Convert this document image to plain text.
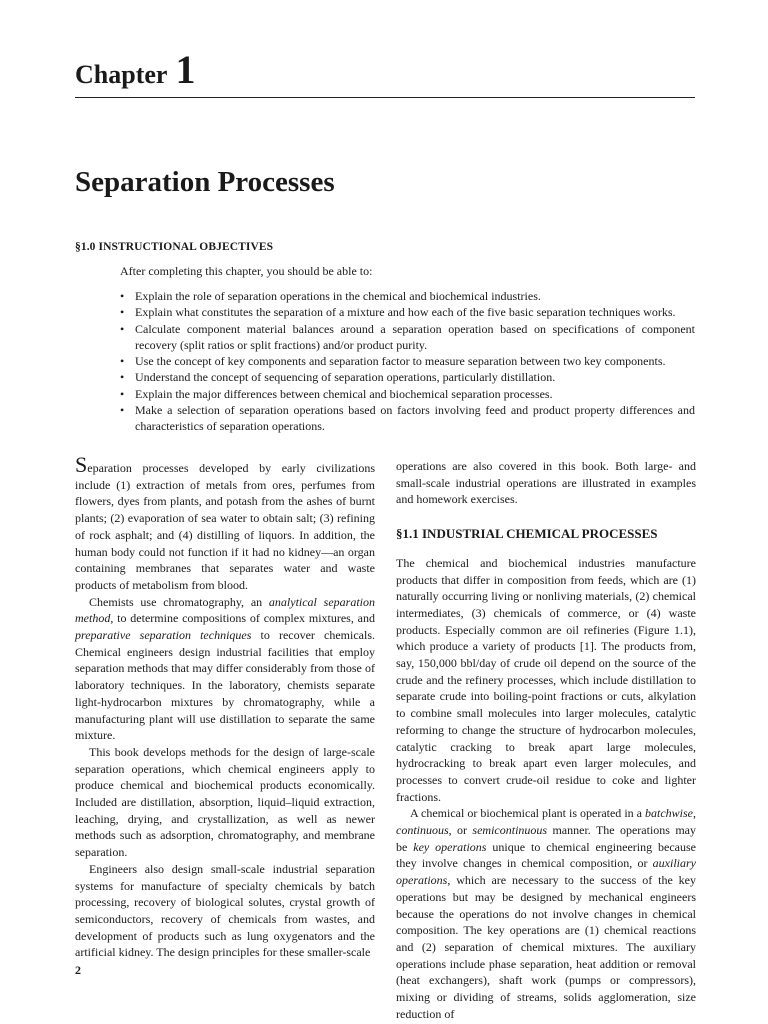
Chapter 1
Separation Processes
§1.0 INSTRUCTIONAL OBJECTIVES
After completing this chapter, you should be able to:
• Explain the role of separation operations in the chemical and biochemical industries.
• Explain what constitutes the separation of a mixture and how each of the five basic separation techniques works.
• Calculate component material balances around a separation operation based on specifications of component recovery (split ratios or split fractions) and/or product purity.
• Use the concept of key components and separation factor to measure separation between two key components.
• Understand the concept of sequencing of separation operations, particularly distillation.
• Explain the major differences between chemical and biochemical separation processes.
• Make a selection of separation operations based on factors involving feed and product property differences and characteristics of separation operations.

Separation processes developed by early civilizations include (1) extraction of metals from ores, perfumes from flowers, dyes from plants, and potash from the ashes of burnt plants; (2) evaporation of sea water to obtain salt; (3) refining of rock asphalt; and (4) distilling of liquors. In addition, the human body could not function if it had no kidney—an organ containing membranes that separates water and waste products of metabolism from blood.

Chemists use chromatography, an analytical separation method, to determine compositions of complex mixtures, and preparative separation techniques to recover chemicals. Chemical engineers design industrial facilities that employ separation methods that may differ considerably from those of laboratory techniques. In the laboratory, chemists separate light-hydrocarbon mixtures by chromatography, while a manufacturing plant will use distillation to separate the same mixture.

This book develops methods for the design of large-scale separation operations, which chemical engineers apply to produce chemical and biochemical products economically. Included are distillation, absorption, liquid–liquid extraction, leaching, drying, and crystallization, as well as newer methods such as adsorption, chromatography, and membrane separation.

Engineers also design small-scale industrial separation systems for manufacture of specialty chemicals by batch processing, recovery of biological solutes, crystal growth of semiconductors, recovery of chemicals from wastes, and development of products such as lung oxygenators and the artificial kidney. The design principles for these smaller-scale

operations are also covered in this book. Both large- and small-scale industrial operations are illustrated in examples and homework exercises.

§1.1 INDUSTRIAL CHEMICAL PROCESSES

The chemical and biochemical industries manufacture products that differ in composition from feeds, which are (1) naturally occurring living or nonliving materials, (2) chemical intermediates, (3) chemicals of commerce, or (4) waste products. Especially common are oil refineries (Figure 1.1), which produce a variety of products [1]. The products from, say, 150,000 bbl/day of crude oil depend on the source of the crude and the refinery processes, which include distillation to separate crude into boiling-point fractions or cuts, alkylation to combine small molecules into larger molecules, catalytic reforming to change the structure of hydrocarbon molecules, catalytic cracking to break apart large molecules, hydrocracking to break apart even larger molecules, and processes to convert crude-oil residue to coke and lighter fractions.

A chemical or biochemical plant is operated in a batchwise, continuous, or semicontinuous manner. The operations may be key operations unique to chemical engineering because they involve changes in chemical composition, or auxiliary operations, which are necessary to the success of the key operations but may be designed by mechanical engineers because the operations do not involve changes in chemical composition. The key operations are (1) chemical reactions and (2) separation of chemical mixtures. The auxiliary operations include phase separation, heat addition or removal (heat exchangers), shaft work (pumps or compressors), mixing or dividing of streams, solids agglomeration, size reduction of

2
